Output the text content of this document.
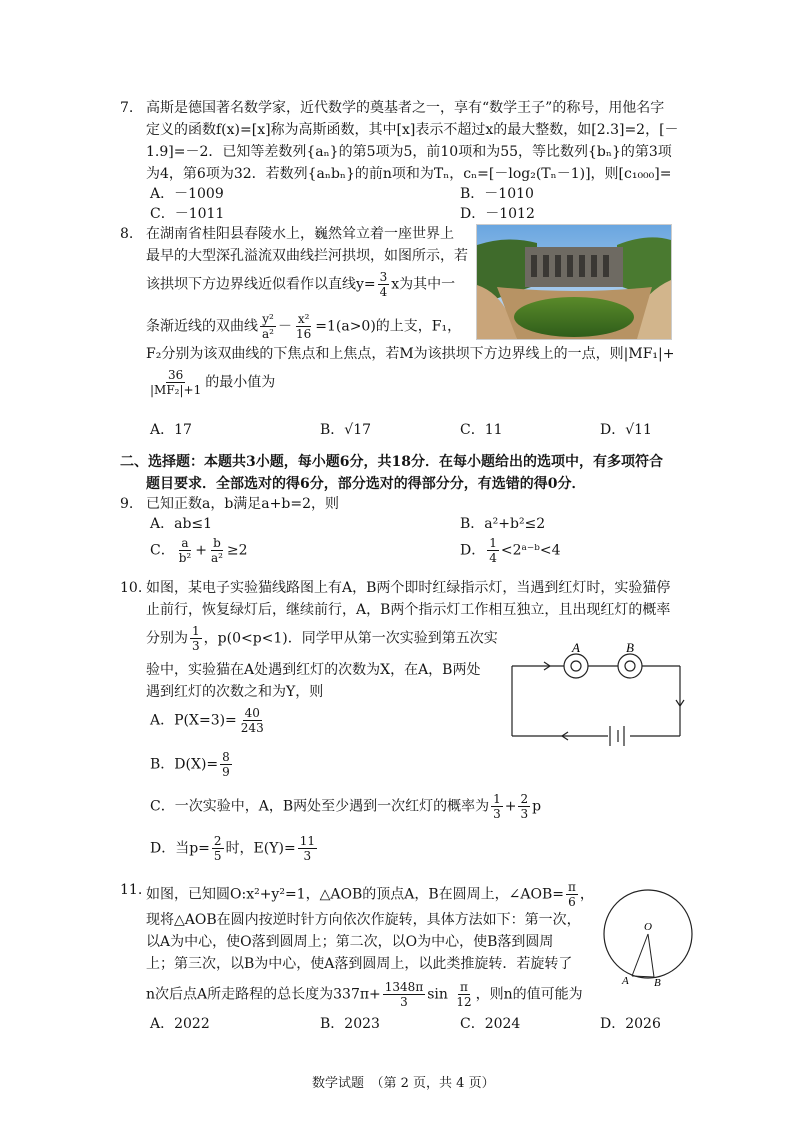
7. 高斯是德国著名数学家，近代数学的奠基者之一，享有“数学王子”的称号，用他名字
定义的函数f(x)=[x]称为高斯函数，其中[x]表示不超过x的最大整数，如[2.3]=2，[－
1.9]=－2．已知等差数列{aₙ}的第5项为5，前10项和为55，等比数列{bₙ}的第3项
为4，第6项为32．若数列{aₙbₙ}的前n项和为Tₙ，cₙ=[－log₂(Tₙ－1)]，则[c₁₀₀₀]=
A．－1009	B．－1010
C．－1011	D．－1012
8. 在湖南省桂阳县春陵水上，巍然耸立着一座世界上
最早的大型深孔溢流双曲线拦河拱坝，如图所示，若
该拱坝下方边界线近似看作以直线$y= \frac{3}{4}$ x为其中一
条渐近线的双曲线 $\frac{\text{y²}}{\text{a²}} - \frac{\text{x²}}{16} =1(a>0)$的上支，F₁，
F₂分别为该双曲线的下焦点和上焦点，若M为该拱坝下方边界线上的一点，则|MF₁|+
$\frac{36}{\text{|MF₂|+1}}$ 的最小值为
A．17	B．√17	C．11	D．√11
二、选择题：本题共3小题，每小题6分，共18分．在每小题给出的选项中，有多项符合
题目要求．全部选对的得6分，部分选对的得部分分，有选错的得0分．
9. 已知正数a，b满足a+b=2，则
A．ab≤1	B．a²+b²≤2
C． $\frac{a}{\text{b²}} + \frac{b}{\text{a²}} \ge 2$	D． $\frac{1}{4}$ <2ᵃ⁻ᵇ<4
10. 如图，某电子实验猫线路图上有A，B两个即时红绿指示灯，当遇到红灯时，实验猫停
止前行，恢复绿灯后，继续前行，A，B两个指示灯工作相互独立，且出现红灯的概率
分别为 $\frac{1}{3}$ ，p(0<p<1)．同学甲从第一次实验到第五次实
验中，实验猫在A处遇到红灯的次数为X，在A，B两处
遇到红灯的次数之和为Y，则
A	B
A．$P(X=3)= \frac{40}{243}$
B．$D(X)= \frac{8}{9}$
C．一次实验中，A，B两处至少遇到一次红灯的概率为 $\frac{1}{3} + \frac{2}{3}$ p
D．当$p= \frac{2}{5}$ 时，$E(Y)= \frac{11}{3}$
11. 如图，已知圆O:x²+y²=1，△AOB的顶点A，B在圆周上，∠AOB= $\frac{\pi}{6}$ ，
现将△AOB在圆内按逆时针方向依次作旋转，具体方法如下：第一次，
以A为中心，使O落到圆周上；第二次，以O为中心，使B落到圆周
上；第三次，以B为中心，使A落到圆周上，以此类推旋转．若旋转了
n次后点A所走路程的总长度为$337\pi+ \frac{1348\pi}{3}$ $\sin \frac{\pi}{12}$ ，则n的值可能为
O
A B
A．2022	B．2023	C．2024	D．2026
数学试题　（第 2 页，共 4 页）
